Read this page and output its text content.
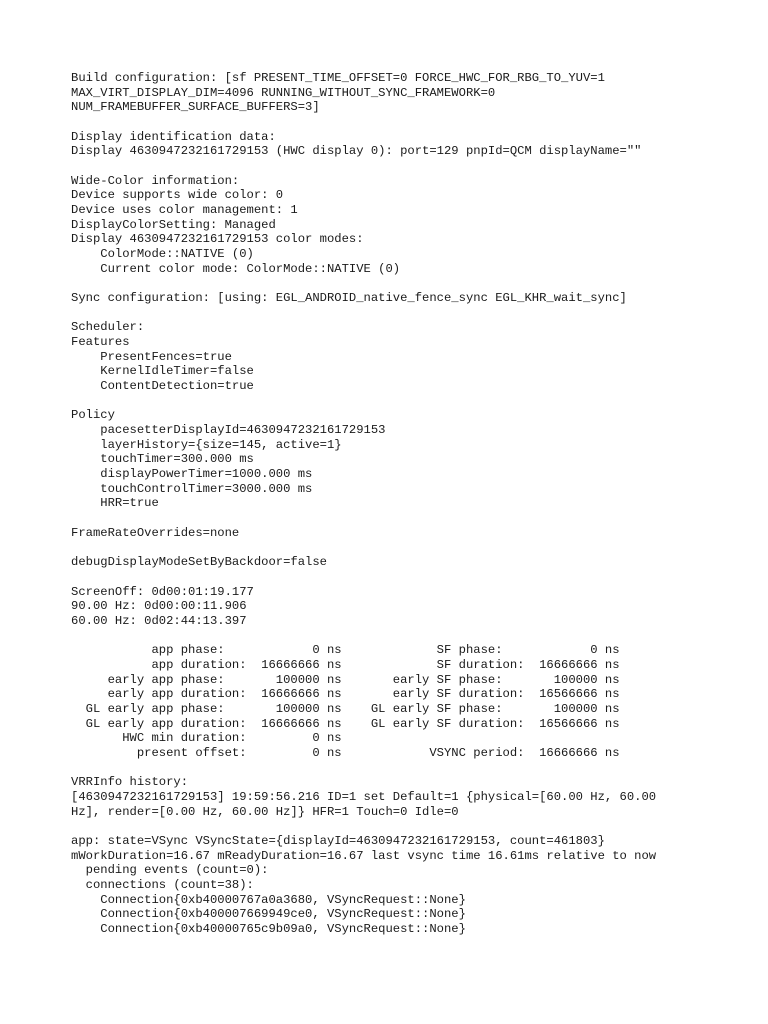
Build configuration: [sf PRESENT_TIME_OFFSET=0 FORCE_HWC_FOR_RBG_TO_YUV=1
MAX_VIRT_DISPLAY_DIM=4096 RUNNING_WITHOUT_SYNC_FRAMEWORK=0
NUM_FRAMEBUFFER_SURFACE_BUFFERS=3]
Display identification data:
Display 4630947232161729153 (HWC display 0): port=129 pnpId=QCM displayName=""
Wide-Color information:
Device supports wide color: 0
Device uses color management: 1
DisplayColorSetting: Managed
Display 4630947232161729153 color modes:
ColorMode::NATIVE (0)
Current color mode: ColorMode::NATIVE (0)
Sync configuration: [using: EGL_ANDROID_native_fence_sync EGL_KHR_wait_sync]
Scheduler:
Features
PresentFences=true
KernelIdleTimer=false
ContentDetection=true
Policy
pacesetterDisplayId=4630947232161729153
layerHistory={size=145, active=1}
touchTimer=300.000 ms
displayPowerTimer=1000.000 ms
touchControlTimer=3000.000 ms
HRR=true
FrameRateOverrides=none
debugDisplayModeSetByBackdoor=false
ScreenOff: 0d00:01:19.177
90.00 Hz: 0d00:00:11.906
60.00 Hz: 0d02:44:13.397
app phase:            0 ns             SF phase:            0 ns
app duration:  16666666 ns             SF duration:  16666666 ns
early app phase:       100000 ns       early SF phase:       100000 ns
early app duration:  16666666 ns       early SF duration:  16566666 ns
GL early app phase:       100000 ns    GL early SF phase:       100000 ns
GL early app duration:  16666666 ns    GL early SF duration:  16566666 ns
HWC min duration:         0 ns
present offset:         0 ns            VSYNC period:  16666666 ns
VRRInfo history:
[4630947232161729153] 19:59:56.216 ID=1 set Default=1 {physical=[60.00 Hz, 60.00
Hz], render=[0.00 Hz, 60.00 Hz]} HFR=1 Touch=0 Idle=0
app: state=VSync VSyncState={displayId=4630947232161729153, count=461803}
mWorkDuration=16.67 mReadyDuration=16.67 last vsync time 16.61ms relative to now
pending events (count=0):
connections (count=38):
Connection{0xb40000767a0a3680, VSyncRequest::None}
Connection{0xb400007669949ce0, VSyncRequest::None}
Connection{0xb40000765c9b09a0, VSyncRequest::None}
